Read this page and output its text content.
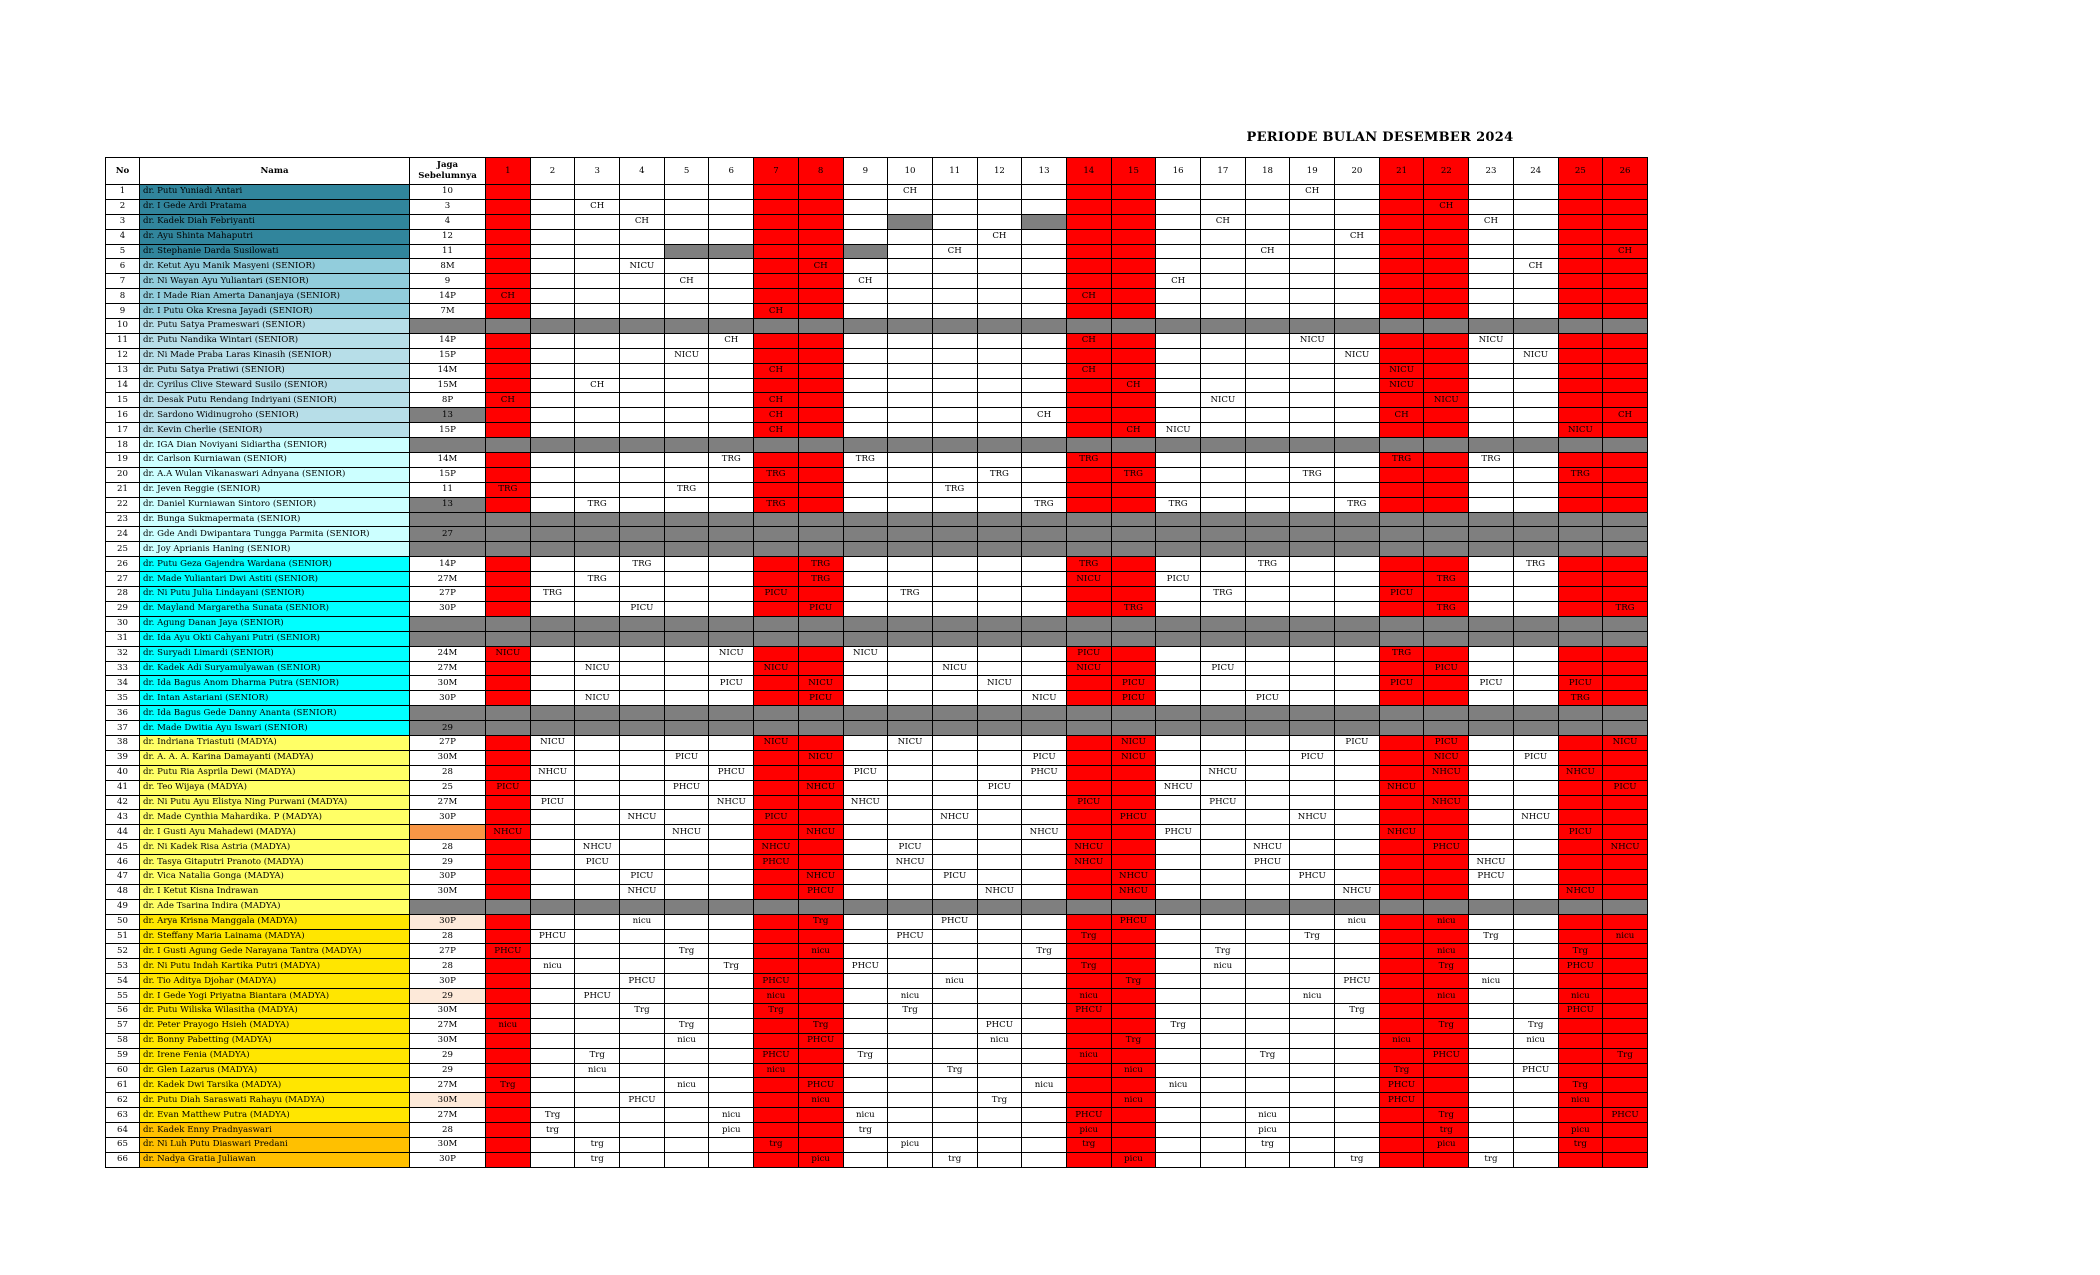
PERIODE BULAN DESEMBER 2024
No	Nama	Jaga Sebelumnya	1	2	3	4	5	6	7	8	9	10	11	12	13	14	15	16	17	18	19	20	21	22	23	24	25	26
1	dr. Putu Yuniadi Antari	10										CH									CH							
2	dr. I Gede Ardi Pratama	3			CH																			CH				
3	dr. Kadek Diah Febriyanti	4				CH													CH						CH			
4	dr. Ayu Shinta Mahaputri	12												CH								CH						
5	dr. Stephanie Darda Susilowati	11											CH							CH								CH
6	dr. Ketut Ayu Manik Masyeni (SENIOR)	8M				NICU				CH																CH		
7	dr. Ni Wayan Ayu Yuliantari (SENIOR)	9					CH				CH							CH										
8	dr. I Made Rian Amerta Dananjaya (SENIOR)	14P	CH													CH												
9	dr. I Putu Oka Kresna Jayadi (SENIOR)	7M							CH																			
10	dr. Putu Satya Prameswari (SENIOR)																											
11	dr. Putu Nandika Wintari (SENIOR)	14P						CH								CH					NICU				NICU			
12	dr. Ni Made Praba Laras Kinasih (SENIOR)	15P					NICU															NICU				NICU		
13	dr. Putu Satya Pratiwi (SENIOR)	14M							CH							CH							NICU					
14	dr. Cyrilus Clive Steward Susilo (SENIOR)	15M			CH												CH						NICU					
15	dr. Desak Putu Rendang Indriyani (SENIOR)	8P	CH						CH										NICU					NICU				
16	dr. Sardono Widinugroho (SENIOR)	13							CH						CH								CH					CH
17	dr. Kevin Cherlie (SENIOR)	15P							CH								CH	NICU									NICU	
18	dr. IGA Dian Noviyani Sidiartha (SENIOR)																											
19	dr. Carlson Kurniawan (SENIOR)	14M						TRG			TRG					TRG							TRG		TRG			
20	dr. A.A Wulan Vikanaswari Adnyana (SENIOR)	15P							TRG					TRG			TRG				TRG						TRG	
21	dr. Jeven Reggie (SENIOR)	11	TRG				TRG						TRG															
22	dr. Daniel Kurniawan Sintoro (SENIOR)	13			TRG				TRG						TRG			TRG				TRG						
23	dr. Bunga Sukmapermata (SENIOR)																											
24	dr. Gde Andi Dwipantara Tungga Parmita (SENIOR)	27																										
25	dr. Joy Aprianis Haning (SENIOR)																											
26	dr. Putu Geza Gajendra Wardana (SENIOR)	14P				TRG				TRG						TRG				TRG						TRG		
27	dr. Made Yuliantari Dwi Astiti (SENIOR)	27M			TRG					TRG						NICU		PICU						TRG				
28	dr. Ni Putu Julia Lindayani (SENIOR)	27P		TRG					PICU			TRG							TRG				PICU					
29	dr. Mayland Margaretha Sunata (SENIOR)	30P				PICU				PICU							TRG							TRG				TRG
30	dr. Agung Danan Jaya (SENIOR)																											
31	dr. Ida Ayu Okti Cahyani Putri (SENIOR)																											
32	dr. Suryadi Limardi (SENIOR)	24M	NICU					NICU			NICU					PICU							TRG					
33	dr. Kadek Adi Suryamulyawan (SENIOR)	27M			NICU				NICU				NICU			NICU			PICU					PICU				
34	dr. Ida Bagus Anom Dharma Putra (SENIOR)	30M						PICU		NICU				NICU			PICU						PICU		PICU		PICU	
35	dr. Intan Astariani (SENIOR)	30P			NICU					PICU					NICU		PICU			PICU							TRG	
36	dr. Ida Bagus Gede Danny Ananta (SENIOR)																											
37	dr. Made Dwitia Ayu Iswari (SENIOR)	29																										
38	dr. Indriana Triastuti (MADYA)	27P		NICU					NICU			NICU					NICU					PICU		PICU				NICU
39	dr. A. A. A. Karina Damayanti (MADYA)	30M					PICU			NICU					PICU		NICU				PICU			NICU		PICU		
40	dr. Putu Ria Asprila Dewi (MADYA)	28		NHCU				PHCU			PICU				PHCU				NHCU					NHCU			NHCU	
41	dr. Teo Wijaya (MADYA)	25	PICU				PHCU			NHCU				PICU				NHCU					NHCU					PICU
42	dr. Ni Putu Ayu Elistya Ning Purwani (MADYA)	27M		PICU				NHCU			NHCU					PICU			PHCU					NHCU				
43	dr. Made Cynthia Mahardika. P (MADYA)	30P				NHCU			PICU				NHCU				PHCU				NHCU					NHCU		
44	dr. I Gusti Ayu Mahadewi (MADYA)		NHCU				NHCU			NHCU					NHCU			PHCU					NHCU				PICU	
45	dr. Ni Kadek Risa Astria (MADYA)	28			NHCU				NHCU			PICU				NHCU				NHCU				PHCU				NHCU
46	dr. Tasya Gitaputri Pranoto (MADYA)	29			PICU				PHCU			NHCU				NHCU				PHCU					NHCU			
47	dr. Vica Natalia Gonga (MADYA)	30P				PICU				NHCU			PICU				NHCU				PHCU				PHCU			
48	dr. I Ketut Kisna Indrawan	30M				NHCU				PHCU				NHCU			NHCU					NHCU					NHCU	
49	dr. Ade Tsarina Indira (MADYA)																											
50	dr. Arya Krisna Manggala (MADYA)	30P				nicu				Trg			PHCU				PHCU					nicu		nicu				
51	dr. Steffany Maria Lainama (MADYA)	28		PHCU								PHCU				Trg					Trg				Trg			nicu
52	dr. I Gusti Agung Gede Narayana Tantra (MADYA)	27P	PHCU				Trg			nicu					Trg				Trg					nicu			Trg	
53	dr. Ni Putu Indah Kartika Putri (MADYA)	28		nicu				Trg			PHCU					Trg			nicu					Trg			PHCU	
54	dr. Tio Aditya Djohar (MADYA)	30P				PHCU			PHCU				nicu				Trg					PHCU			nicu			
55	dr. I Gede Yogi Priyatna Biantara (MADYA)	29			PHCU				nicu			nicu				nicu					nicu			nicu			nicu	
56	dr. Putu Wiliska Wilasitha (MADYA)	30M				Trg			Trg			Trg				PHCU						Trg					PHCU	
57	dr. Peter Prayogo Hsieh (MADYA)	27M	nicu				Trg			Trg				PHCU				Trg						Trg		Trg		
58	dr. Bonny Pabetting (MADYA)	30M					nicu			PHCU				nicu			Trg						nicu			nicu		
59	dr. Irene Fenia (MADYA)	29			Trg				PHCU		Trg					nicu				Trg				PHCU				Trg
60	dr. Glen Lazarus (MADYA)	29			nicu				nicu				Trg				nicu						Trg			PHCU		
61	dr. Kadek Dwi Tarsika (MADYA)	27M	Trg				nicu			PHCU					nicu			nicu					PHCU				Trg	
62	dr. Putu Diah Saraswati Rahayu (MADYA)	30M				PHCU				nicu				Trg			nicu						PHCU				nicu	
63	dr. Evan Matthew Putra (MADYA)	27M		Trg				nicu			nicu					PHCU				nicu				Trg				PHCU
64	dr. Kadek Enny Pradnyaswari	28		trg				picu			trg					picu				picu				trg			picu	
65	dr. Ni Luh Putu Diaswari Predani	30M			trg				trg			picu				trg				trg				picu			trg	
66	dr. Nadya Gratia Juliawan	30P			trg					picu			trg				picu					trg			trg			
